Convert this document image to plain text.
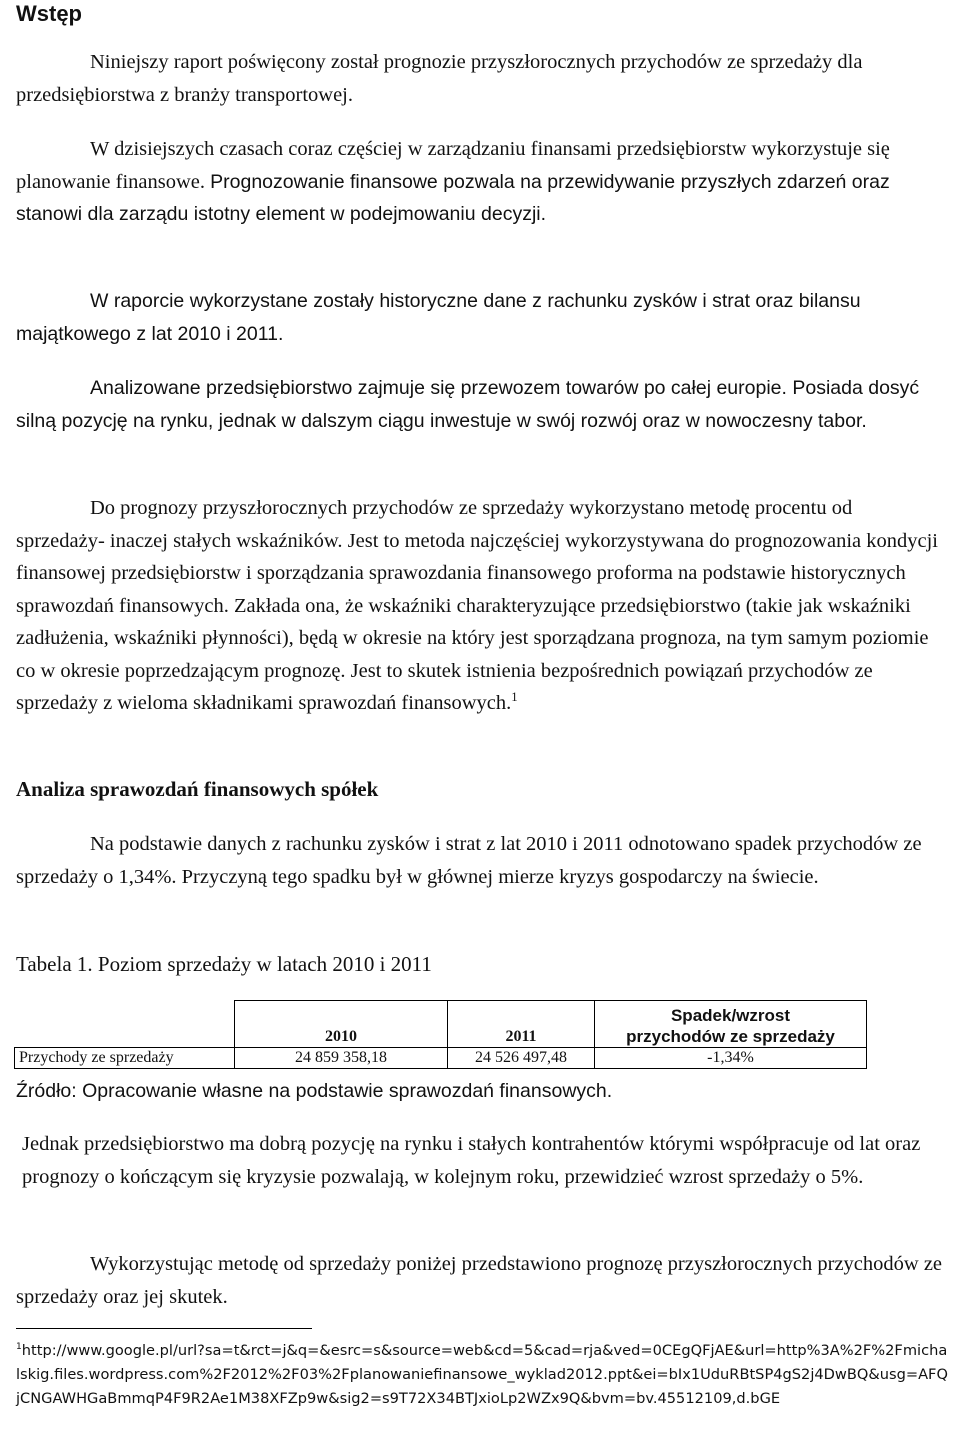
Wstęp

Niniejszy raport poświęcony został prognozie przyszłorocznych przychodów ze sprzedaży dla przedsiębiorstwa z branży transportowej.

W dzisiejszych czasach coraz częściej w zarządzaniu finansami przedsiębiorstw wykorzystuje się planowanie finansowe. Prognozowanie finansowe pozwala na przewidywanie przyszłych zdarzeń oraz stanowi dla zarządu istotny element w podejmowaniu decyzji.

W raporcie wykorzystane zostały historyczne dane z rachunku zysków i strat oraz bilansu majątkowego z lat 2010 i 2011.

Analizowane przedsiębiorstwo zajmuje się przewozem towarów po całej europie. Posiada dosyć silną pozycję na rynku, jednak w dalszym ciągu inwestuje w swój rozwój oraz w nowoczesny tabor.

Do prognozy przyszłorocznych przychodów ze sprzedaży wykorzystano metodę procentu od sprzedaży- inaczej stałych wskaźników. Jest to metoda najczęściej wykorzystywana do prognozowania kondycji finansowej przedsiębiorstw i sporządzania sprawozdania finansowego proforma na podstawie historycznych sprawozdań finansowych. Zakłada ona, że wskaźniki charakteryzujące przedsiębiorstwo (takie jak wskaźniki zadłużenia, wskaźniki płynności), będą w okresie na który jest sporządzana prognoza, na tym samym poziomie co w okresie poprzedzającym prognozę. Jest to skutek istnienia bezpośrednich powiązań przychodów ze sprzedaży z wieloma składnikami sprawozdań finansowych.$^1$

Analiza sprawozdań finansowych spółek

Na podstawie danych z rachunku zysków i strat z lat 2010 i 2011 odnotowano spadek przychodów ze sprzedaży o 1,34%. Przyczyną tego spadku był w głównej mierze kryzys gospodarczy na świecie.

Tabela 1. Poziom sprzedaży w latach 2010 i 2011
	2010	2011	Spadek/wzrost
przychodów ze sprzedaży
Przychody ze sprzedaży	24 859 358,18	24 526 497,48	-1,34%
Źródło: Opracowanie własne na podstawie sprawozdań finansowych.

Jednak przedsiębiorstwo ma dobrą pozycję na rynku i stałych kontrahentów którymi współpracuje od lat oraz prognozy o kończącym się kryzysie pozwalają, w kolejnym roku, przewidzieć wzrost sprzedaży o 5%.

Wykorzystując metodę od sprzedaży poniżej przedstawiono prognozę przyszłorocznych przychodów ze sprzedaży oraz jej skutek.

$^1$http://www.google.pl/url?sa=t&rct=j&q=&esrc=s&source=web&cd=5&cad=rja&ved=0CEgQFjAE&url=http%3A%2F%2Fmichalskig.files.wordpress.com%2F2012%2F03%2Fplanowaniefinansowe_wyklad2012.ppt&ei=bIx1UduRBtSP4gS2j4DwBQ&usg=AFQjCNGAWHGaBmmqP4F9R2Ae1M38XFZp9w&sig2=s9T72X34BTJxioLp2WZx9Q&bvm=bv.45512109,d.bGE
